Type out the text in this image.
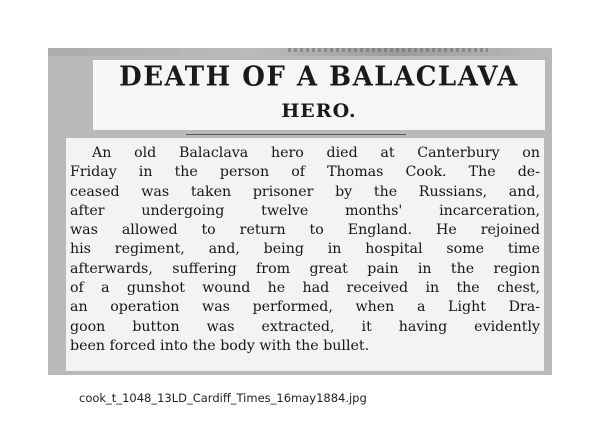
DEATH OF A BALACLAVA
HERO.
An old Balaclava hero died at Canterbury on
Friday in the person of Thomas Cook. The de-
ceased was taken prisoner by the Russians, and,
after undergoing twelve months' incarceration,
was allowed to return to England. He rejoined
his regiment, and, being in hospital some time
afterwards, suffering from great pain in the region
of a gunshot wound he had received in the chest,
an operation was performed, when a Light Dra-
goon button was extracted, it having evidently
been forced into the body with the bullet.
cook_t_1048_13LD_Cardiff_Times_16may1884.jpg
